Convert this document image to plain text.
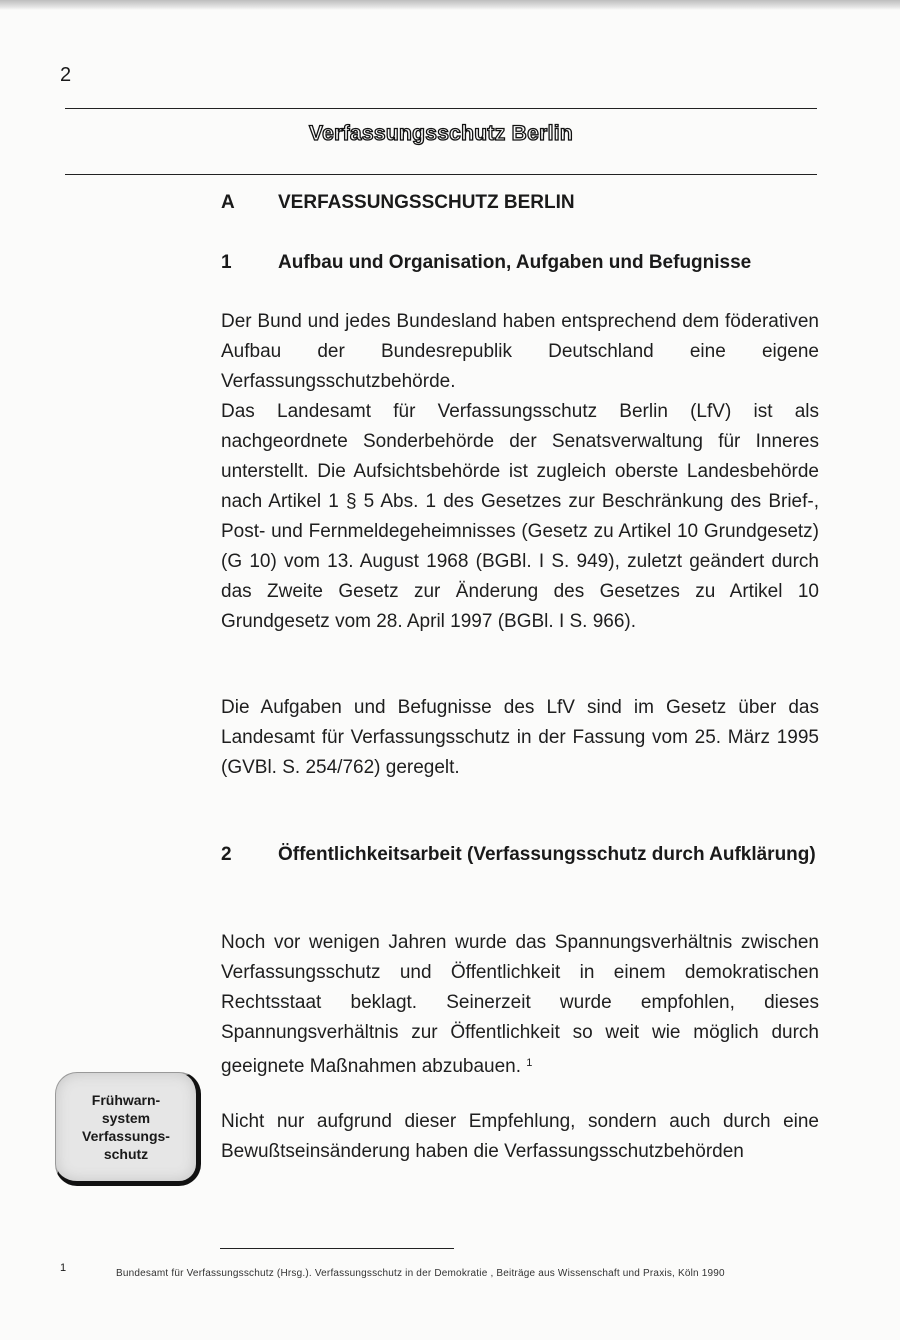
2
Verfassungsschutz Berlin
A	VERFASSUNGSSCHUTZ BERLIN
1	Aufbau und Organisation, Aufgaben und Befugnisse

Der Bund und jedes Bundesland haben entsprechend dem föderativen Aufbau der Bundesrepublik Deutschland eine eigene Verfassungsschutzbehörde.

Das Landesamt für Verfassungsschutz Berlin (LfV) ist als nachgeordnete Sonderbehörde der Senatsverwaltung für Inneres unterstellt. Die Aufsichtsbehörde ist zugleich oberste Landesbehörde nach Artikel 1 § 5 Abs. 1 des Gesetzes zur Beschränkung des Brief-, Post- und Fernmeldegeheimnisses (Gesetz zu Artikel 10 Grundgesetz) (G 10) vom 13. August 1968 (BGBl. I S. 949), zuletzt geändert durch das Zweite Gesetz zur Änderung des Gesetzes zu Artikel 10 Grundgesetz vom 28. April 1997 (BGBl. I S. 966).

Die Aufgaben und Befugnisse des LfV sind im Gesetz über das Landesamt für Verfassungsschutz in der Fassung vom 25. März 1995 (GVBl. S. 254/762) geregelt.

2	Öffentlichkeitsarbeit (Verfassungsschutz durch Aufklärung)

Noch vor wenigen Jahren wurde das Spannungsverhältnis zwischen Verfassungsschutz und Öffentlichkeit in einem demokratischen Rechtsstaat beklagt. Seinerzeit wurde empfohlen, dieses Spannungsverhältnis zur Öffentlichkeit so weit wie möglich durch geeignete Maßnahmen abzubauen. $^1$

Nicht nur aufgrund dieser Empfehlung, sondern auch durch eine Bewußtseinsänderung haben die Verfassungsschutzbehörden

Frühwarn-
system
Verfassungs-
schutz
1	Bundesamt für Verfassungsschutz (Hrsg.). Verfassungsschutz in der Demokratie , Beiträge aus Wissenschaft und Praxis, Köln 1990
